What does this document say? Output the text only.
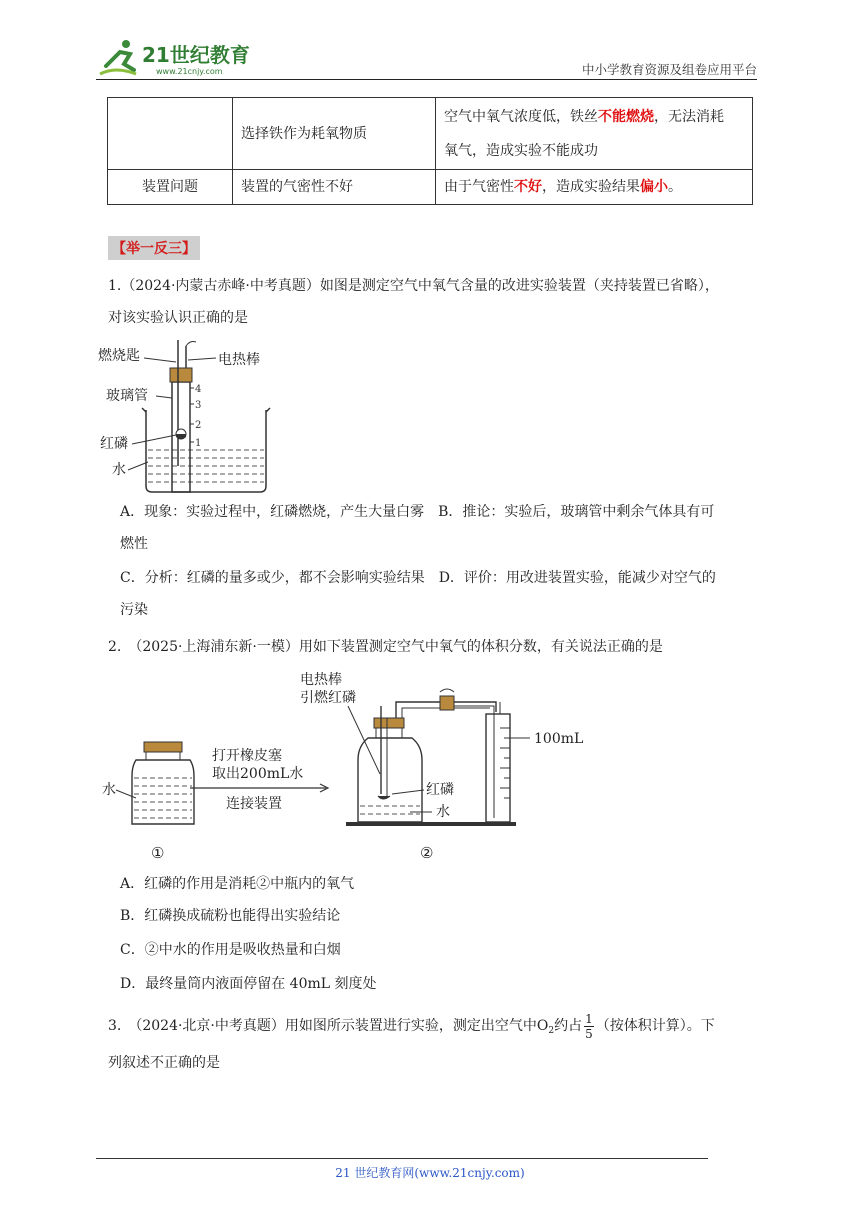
21世纪教育
www.21cnjy.com	中小学教育资源及组卷应用平台
	选择铁作为耗氧物质	空气中氧气浓度低，铁丝不能燃烧，无法消耗
氧气，造成实验不能成功

装置问题	装置的气密性不好	由于气密性不好，造成实验结果偏小。
【举一反三】
1.（2024·内蒙古赤峰·中考真题）如图是测定空气中氧气含量的改进实验装置（夹持装置已省略），
对该实验认识正确的是
4
3
2
1
燃烧匙	电热棒
玻璃管
红磷
水
A．现象：实验过程中，红磷燃烧，产生大量白雾　B．推论：实验后，玻璃管中剩余气体具有可
燃性
C．分析：红磷的量多或少，都不会影响实验结果　D．评价：用改进装置实验，能减少对空气的
污染
2.　（2025·上海浦东新·一模）用如下装置测定空气中氧气的体积分数，有关说法正确的是
水
①
打开橡皮塞
取出200mL水
连接装置
电热棒
引燃红磷
100mL
红磷
水
②
A．红磷的作用是消耗②中瓶内的氧气
B．红磷换成硫粉也能得出实验结论
C．②中水的作用是吸收热量和白烟
D．最终量筒内液面停留在 40mL 刻度处
3.　（2024·北京·中考真题）用如图所示装置进行实验，测定出空气中$O_2$约占 $\frac{1}{5}$ （按体积计算）。下
列叙述不正确的是
21 世纪教育网(www.21cnjy.com)
